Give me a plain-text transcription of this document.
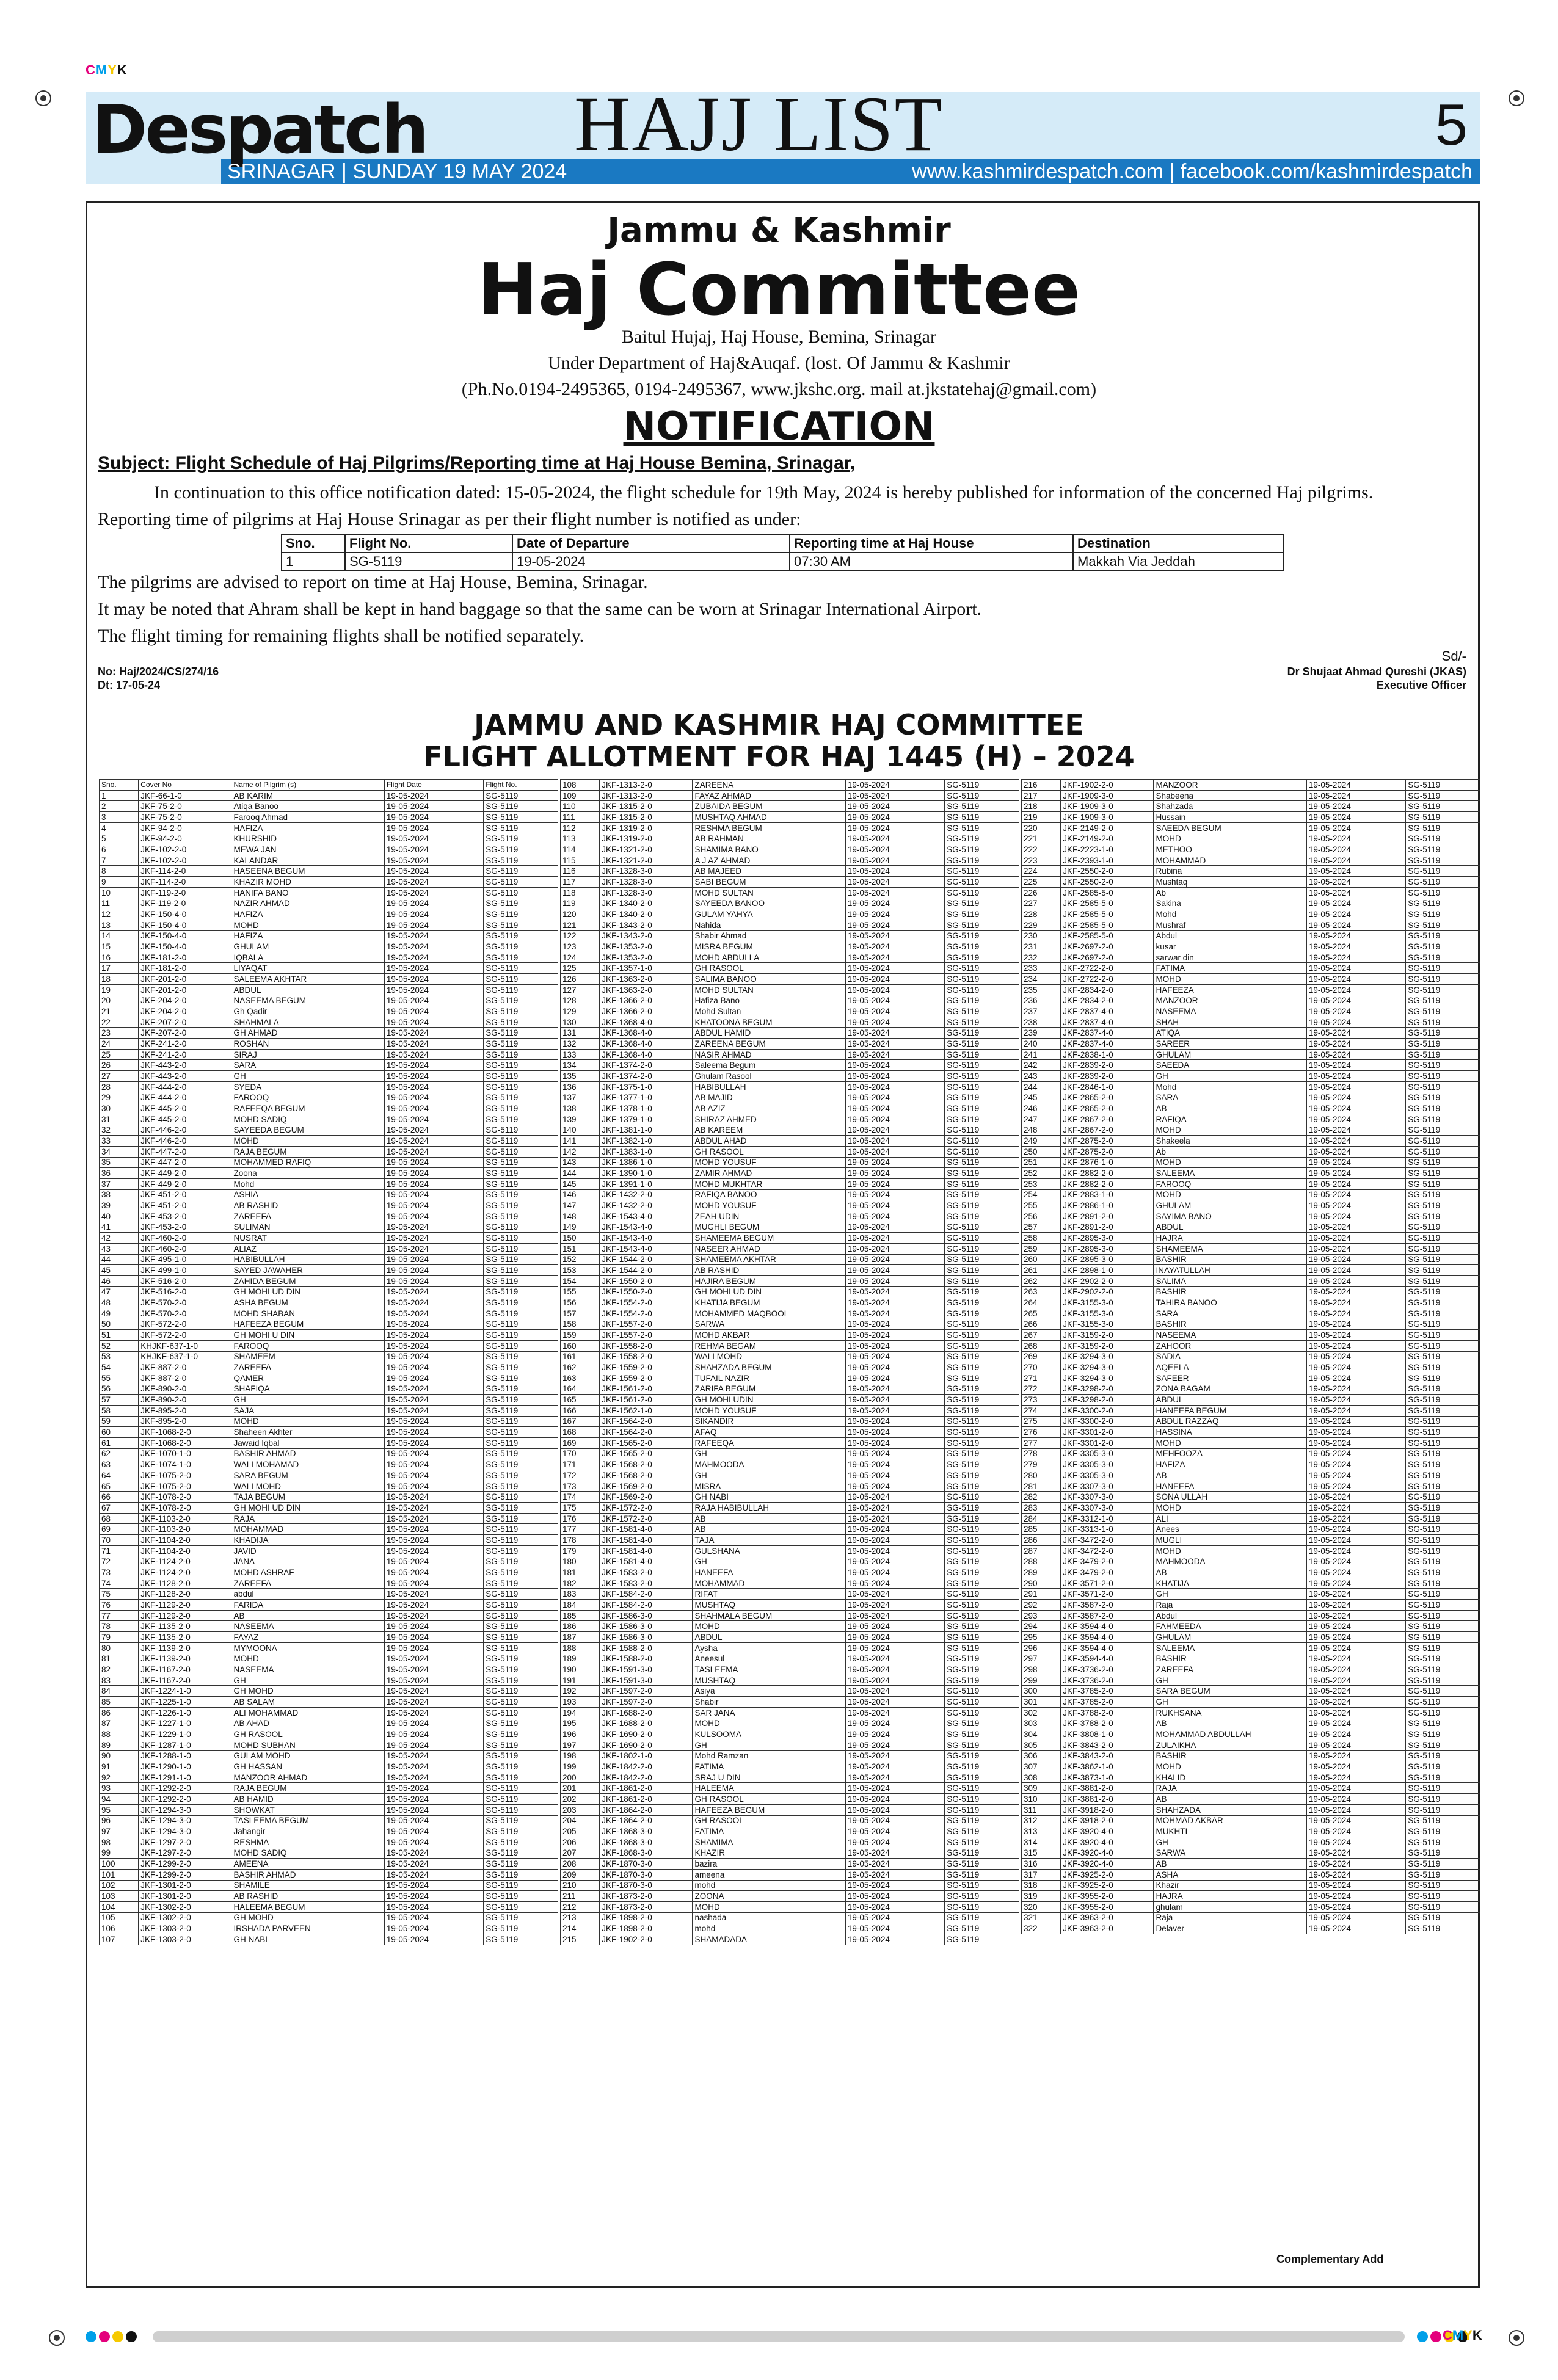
CMYK
Despatch
SRINAGAR | SUNDAY 19 MAY 2024
HAJJ LIST	5
www.kashmirdespatch.com | facebook.com/kashmirdespatch
Jammu & Kashmir
Haj Committee
Baitul Hujaj, Haj House, Bemina, Srinagar
Under Department of Haj&Auqaf. (lost. Of Jammu & Kashmir
(Ph.No.0194-2495365, 0194-2495367, www.jkshc.org. mail at.jkstatehaj@gmail.com)
NOTIFICATION
Subject: Flight Schedule of Haj Pilgrims/Reporting time at Haj House Bemina, Srinagar,
In continuation to this office notification dated: 15-05-2024, the flight schedule for 19th May, 2024 is hereby published for information of the concerned Haj pilgrims.
Reporting time of pilgrims at Haj House Srinagar as per their flight number is notified as under:
Sno.	Flight No.	Date of Departure	Reporting time at Haj House	Destination
1	SG-5119	19-05-2024	07:30 AM	Makkah Via Jeddah
The pilgrims are advised to report on time at Haj House, Bemina, Srinagar.
It may be noted that Ahram shall be kept in hand baggage so that the same can be worn at Srinagar International Airport.
The flight timing for remaining flights shall be notified separately.
Sd/-
No: Haj/2024/CS/274/16
Dt: 17-05-24
Dr Shujaat Ahmad Qureshi (JKAS)
Executive Officer
JAMMU AND KASHMIR HAJ COMMITTEE
FLIGHT ALLOTMENT FOR HAJ 1445 (H) – 2024
Sno.	Cover No	Name of Pilgrim (s)	Flight Date	Flight No.
1	JKF-66-1-0	AB KARIM	19-05-2024	SG-5119
2	JKF-75-2-0	Atiqa Banoo	19-05-2024	SG-5119
3	JKF-75-2-0	Farooq Ahmad	19-05-2024	SG-5119
4	JKF-94-2-0	HAFIZA	19-05-2024	SG-5119
5	JKF-94-2-0	KHURSHID	19-05-2024	SG-5119
6	JKF-102-2-0	MEWA JAN	19-05-2024	SG-5119
7	JKF-102-2-0	KALANDAR	19-05-2024	SG-5119
8	JKF-114-2-0	HASEENA BEGUM	19-05-2024	SG-5119
9	JKF-114-2-0	KHAZIR MOHD	19-05-2024	SG-5119
10	JKF-119-2-0	HANIFA BANO	19-05-2024	SG-5119
11	JKF-119-2-0	NAZIR AHMAD	19-05-2024	SG-5119
12	JKF-150-4-0	HAFIZA	19-05-2024	SG-5119
13	JKF-150-4-0	MOHD	19-05-2024	SG-5119
14	JKF-150-4-0	HAFIZA	19-05-2024	SG-5119
15	JKF-150-4-0	GHULAM	19-05-2024	SG-5119
16	JKF-181-2-0	IQBALA	19-05-2024	SG-5119
17	JKF-181-2-0	LIYAQAT	19-05-2024	SG-5119
18	JKF-201-2-0	SALEEMA AKHTAR	19-05-2024	SG-5119
19	JKF-201-2-0	ABDUL	19-05-2024	SG-5119
20	JKF-204-2-0	NASEEMA BEGUM	19-05-2024	SG-5119
21	JKF-204-2-0	Gh Qadir	19-05-2024	SG-5119
22	JKF-207-2-0	SHAHMALA	19-05-2024	SG-5119
23	JKF-207-2-0	GH AHMAD	19-05-2024	SG-5119
24	JKF-241-2-0	ROSHAN	19-05-2024	SG-5119
25	JKF-241-2-0	SIRAJ	19-05-2024	SG-5119
26	JKF-443-2-0	SARA	19-05-2024	SG-5119
27	JKF-443-2-0	GH	19-05-2024	SG-5119
28	JKF-444-2-0	SYEDA	19-05-2024	SG-5119
29	JKF-444-2-0	FAROOQ	19-05-2024	SG-5119
30	JKF-445-2-0	RAFEEQA BEGUM	19-05-2024	SG-5119
31	JKF-445-2-0	MOHD SADIQ	19-05-2024	SG-5119
32	JKF-446-2-0	SAYEEDA BEGUM	19-05-2024	SG-5119
33	JKF-446-2-0	MOHD	19-05-2024	SG-5119
34	JKF-447-2-0	RAJA BEGUM	19-05-2024	SG-5119
35	JKF-447-2-0	MOHAMMED RAFIQ	19-05-2024	SG-5119
36	JKF-449-2-0	Zoona	19-05-2024	SG-5119
37	JKF-449-2-0	Mohd	19-05-2024	SG-5119
38	JKF-451-2-0	ASHIA	19-05-2024	SG-5119
39	JKF-451-2-0	AB RASHID	19-05-2024	SG-5119
40	JKF-453-2-0	ZAREEFA	19-05-2024	SG-5119
41	JKF-453-2-0	SULIMAN	19-05-2024	SG-5119
42	JKF-460-2-0	NUSRAT	19-05-2024	SG-5119
43	JKF-460-2-0	ALIAZ	19-05-2024	SG-5119
44	JKF-495-1-0	HABIBULLAH	19-05-2024	SG-5119
45	JKF-499-1-0	SAYED JAWAHER	19-05-2024	SG-5119
46	JKF-516-2-0	ZAHIDA BEGUM	19-05-2024	SG-5119
47	JKF-516-2-0	GH MOHI UD DIN	19-05-2024	SG-5119
48	JKF-570-2-0	ASHA BEGUM	19-05-2024	SG-5119
49	JKF-570-2-0	MOHD SHABAN	19-05-2024	SG-5119
50	JKF-572-2-0	HAFEEZA BEGUM	19-05-2024	SG-5119
51	JKF-572-2-0	GH MOHI U DIN	19-05-2024	SG-5119
52	KHJKF-637-1-0	FAROOQ	19-05-2024	SG-5119
53	KHJKF-637-1-0	SHAMEEM	19-05-2024	SG-5119
54	JKF-887-2-0	ZAREEFA	19-05-2024	SG-5119
55	JKF-887-2-0	QAMER	19-05-2024	SG-5119
56	JKF-890-2-0	SHAFIQA	19-05-2024	SG-5119
57	JKF-890-2-0	GH	19-05-2024	SG-5119
58	JKF-895-2-0	SAJA	19-05-2024	SG-5119
59	JKF-895-2-0	MOHD	19-05-2024	SG-5119
60	JKF-1068-2-0	Shaheen Akhter	19-05-2024	SG-5119
61	JKF-1068-2-0	Jawaid Iqbal	19-05-2024	SG-5119
62	JKF-1070-1-0	BASHIR AHMAD	19-05-2024	SG-5119
63	JKF-1074-1-0	WALI MOHAMAD	19-05-2024	SG-5119
64	JKF-1075-2-0	SARA BEGUM	19-05-2024	SG-5119
65	JKF-1075-2-0	WALI MOHD	19-05-2024	SG-5119
66	JKF-1078-2-0	TAJA BEGUM	19-05-2024	SG-5119
67	JKF-1078-2-0	GH MOHI UD DIN	19-05-2024	SG-5119
68	JKF-1103-2-0	RAJA	19-05-2024	SG-5119
69	JKF-1103-2-0	MOHAMMAD	19-05-2024	SG-5119
70	JKF-1104-2-0	KHADIJA	19-05-2024	SG-5119
71	JKF-1104-2-0	JAVID	19-05-2024	SG-5119
72	JKF-1124-2-0	JANA	19-05-2024	SG-5119
73	JKF-1124-2-0	MOHD ASHRAF	19-05-2024	SG-5119
74	JKF-1128-2-0	ZAREEFA	19-05-2024	SG-5119
75	JKF-1128-2-0	abdul	19-05-2024	SG-5119
76	JKF-1129-2-0	FARIDA	19-05-2024	SG-5119
77	JKF-1129-2-0	AB	19-05-2024	SG-5119
78	JKF-1135-2-0	NASEEMA	19-05-2024	SG-5119
79	JKF-1135-2-0	FAYAZ	19-05-2024	SG-5119
80	JKF-1139-2-0	MYMOONA	19-05-2024	SG-5119
81	JKF-1139-2-0	MOHD	19-05-2024	SG-5119
82	JKF-1167-2-0	NASEEMA	19-05-2024	SG-5119
83	JKF-1167-2-0	GH	19-05-2024	SG-5119
84	JKF-1224-1-0	GH MOHD	19-05-2024	SG-5119
85	JKF-1225-1-0	AB SALAM	19-05-2024	SG-5119
86	JKF-1226-1-0	ALI MOHAMMAD	19-05-2024	SG-5119
87	JKF-1227-1-0	AB AHAD	19-05-2024	SG-5119
88	JKF-1229-1-0	GH RASOOL	19-05-2024	SG-5119
89	JKF-1287-1-0	MOHD SUBHAN	19-05-2024	SG-5119
90	JKF-1288-1-0	GULAM MOHD	19-05-2024	SG-5119
91	JKF-1290-1-0	GH HASSAN	19-05-2024	SG-5119
92	JKF-1291-1-0	MANZOOR AHMAD	19-05-2024	SG-5119
93	JKF-1292-2-0	RAJA BEGUM	19-05-2024	SG-5119
94	JKF-1292-2-0	AB HAMID	19-05-2024	SG-5119
95	JKF-1294-3-0	SHOWKAT	19-05-2024	SG-5119
96	JKF-1294-3-0	TASLEEMA BEGUM	19-05-2024	SG-5119
97	JKF-1294-3-0	Jahangir	19-05-2024	SG-5119
98	JKF-1297-2-0	RESHMA	19-05-2024	SG-5119
99	JKF-1297-2-0	MOHD SADIQ	19-05-2024	SG-5119
100	JKF-1299-2-0	AMEENA	19-05-2024	SG-5119
101	JKF-1299-2-0	BASHIR AHMAD	19-05-2024	SG-5119
102	JKF-1301-2-0	SHAMILE	19-05-2024	SG-5119
103	JKF-1301-2-0	AB RASHID	19-05-2024	SG-5119
104	JKF-1302-2-0	HALEEMA BEGUM	19-05-2024	SG-5119
105	JKF-1302-2-0	GH MOHD	19-05-2024	SG-5119
106	JKF-1303-2-0	IRSHADA PARVEEN	19-05-2024	SG-5119
107	JKF-1303-2-0	GH NABI	19-05-2024	SG-5119
108	JKF-1313-2-0	ZAREENA	19-05-2024	SG-5119
109	JKF-1313-2-0	FAYAZ AHMAD	19-05-2024	SG-5119
110	JKF-1315-2-0	ZUBAIDA BEGUM	19-05-2024	SG-5119
111	JKF-1315-2-0	MUSHTAQ AHMAD	19-05-2024	SG-5119
112	JKF-1319-2-0	RESHMA BEGUM	19-05-2024	SG-5119
113	JKF-1319-2-0	AB RAHMAN	19-05-2024	SG-5119
114	JKF-1321-2-0	SHAMIMA BANO	19-05-2024	SG-5119
115	JKF-1321-2-0	A J AZ AHMAD	19-05-2024	SG-5119
116	JKF-1328-3-0	AB MAJEED	19-05-2024	SG-5119
117	JKF-1328-3-0	SABI BEGUM	19-05-2024	SG-5119
118	JKF-1328-3-0	MOHD SULTAN	19-05-2024	SG-5119
119	JKF-1340-2-0	SAYEEDA BANOO	19-05-2024	SG-5119
120	JKF-1340-2-0	GULAM YAHYA	19-05-2024	SG-5119
121	JKF-1343-2-0	Nahida	19-05-2024	SG-5119
122	JKF-1343-2-0	Shabir Ahmad	19-05-2024	SG-5119
123	JKF-1353-2-0	MISRA BEGUM	19-05-2024	SG-5119
124	JKF-1353-2-0	MOHD ABDULLA	19-05-2024	SG-5119
125	JKF-1357-1-0	GH RASOOL	19-05-2024	SG-5119
126	JKF-1363-2-0	SALIMA BANOO	19-05-2024	SG-5119
127	JKF-1363-2-0	MOHD SULTAN	19-05-2024	SG-5119
128	JKF-1366-2-0	Hafiza Bano	19-05-2024	SG-5119
129	JKF-1366-2-0	Mohd Sultan	19-05-2024	SG-5119
130	JKF-1368-4-0	KHATOONA BEGUM	19-05-2024	SG-5119
131	JKF-1368-4-0	ABDUL HAMID	19-05-2024	SG-5119
132	JKF-1368-4-0	ZAREENA BEGUM	19-05-2024	SG-5119
133	JKF-1368-4-0	NASIR AHMAD	19-05-2024	SG-5119
134	JKF-1374-2-0	Saleema Begum	19-05-2024	SG-5119
135	JKF-1374-2-0	Ghulam Rasool	19-05-2024	SG-5119
136	JKF-1375-1-0	HABIBULLAH	19-05-2024	SG-5119
137	JKF-1377-1-0	AB MAJID	19-05-2024	SG-5119
138	JKF-1378-1-0	AB AZIZ	19-05-2024	SG-5119
139	JKF-1379-1-0	SHIRAZ AHMED	19-05-2024	SG-5119
140	JKF-1381-1-0	AB KAREEM	19-05-2024	SG-5119
141	JKF-1382-1-0	ABDUL AHAD	19-05-2024	SG-5119
142	JKF-1383-1-0	GH RASOOL	19-05-2024	SG-5119
143	JKF-1386-1-0	MOHD YOUSUF	19-05-2024	SG-5119
144	JKF-1390-1-0	ZAMIR AHMAD	19-05-2024	SG-5119
145	JKF-1391-1-0	MOHD MUKHTAR	19-05-2024	SG-5119
146	JKF-1432-2-0	RAFIQA BANOO	19-05-2024	SG-5119
147	JKF-1432-2-0	MOHD YOUSUF	19-05-2024	SG-5119
148	JKF-1543-4-0	ZEAH UDIN	19-05-2024	SG-5119
149	JKF-1543-4-0	MUGHLI BEGUM	19-05-2024	SG-5119
150	JKF-1543-4-0	SHAMEEMA BEGUM	19-05-2024	SG-5119
151	JKF-1543-4-0	NASEER AHMAD	19-05-2024	SG-5119
152	JKF-1544-2-0	SHAMEEMA AKHTAR	19-05-2024	SG-5119
153	JKF-1544-2-0	AB RASHID	19-05-2024	SG-5119
154	JKF-1550-2-0	HAJIRA BEGUM	19-05-2024	SG-5119
155	JKF-1550-2-0	GH MOHI UD DIN	19-05-2024	SG-5119
156	JKF-1554-2-0	KHATIJA BEGUM	19-05-2024	SG-5119
157	JKF-1554-2-0	MOHAMMED MAQBOOL	19-05-2024	SG-5119
158	JKF-1557-2-0	SARWA	19-05-2024	SG-5119
159	JKF-1557-2-0	MOHD AKBAR	19-05-2024	SG-5119
160	JKF-1558-2-0	REHMA BEGAM	19-05-2024	SG-5119
161	JKF-1558-2-0	WALI MOHD	19-05-2024	SG-5119
162	JKF-1559-2-0	SHAHZADA BEGUM	19-05-2024	SG-5119
163	JKF-1559-2-0	TUFAIL NAZIR	19-05-2024	SG-5119
164	JKF-1561-2-0	ZARIFA BEGUM	19-05-2024	SG-5119
165	JKF-1561-2-0	GH MOHI UDIN	19-05-2024	SG-5119
166	JKF-1562-1-0	MOHD YOUSUF	19-05-2024	SG-5119
167	JKF-1564-2-0	SIKANDIR	19-05-2024	SG-5119
168	JKF-1564-2-0	AFAQ	19-05-2024	SG-5119
169	JKF-1565-2-0	RAFEEQA	19-05-2024	SG-5119
170	JKF-1565-2-0	GH	19-05-2024	SG-5119
171	JKF-1568-2-0	MAHMOODA	19-05-2024	SG-5119
172	JKF-1568-2-0	GH	19-05-2024	SG-5119
173	JKF-1569-2-0	MISRA	19-05-2024	SG-5119
174	JKF-1569-2-0	GH NABI	19-05-2024	SG-5119
175	JKF-1572-2-0	RAJA HABIBULLAH	19-05-2024	SG-5119
176	JKF-1572-2-0	AB	19-05-2024	SG-5119
177	JKF-1581-4-0	AB	19-05-2024	SG-5119
178	JKF-1581-4-0	TAJA	19-05-2024	SG-5119
179	JKF-1581-4-0	GULSHANA	19-05-2024	SG-5119
180	JKF-1581-4-0	GH	19-05-2024	SG-5119
181	JKF-1583-2-0	HANEEFA	19-05-2024	SG-5119
182	JKF-1583-2-0	MOHAMMAD	19-05-2024	SG-5119
183	JKF-1584-2-0	RIFAT	19-05-2024	SG-5119
184	JKF-1584-2-0	MUSHTAQ	19-05-2024	SG-5119
185	JKF-1586-3-0	SHAHMALA BEGUM	19-05-2024	SG-5119
186	JKF-1586-3-0	MOHD	19-05-2024	SG-5119
187	JKF-1586-3-0	ABDUL	19-05-2024	SG-5119
188	JKF-1588-2-0	Aysha	19-05-2024	SG-5119
189	JKF-1588-2-0	Aneesul	19-05-2024	SG-5119
190	JKF-1591-3-0	TASLEEMA	19-05-2024	SG-5119
191	JKF-1591-3-0	MUSHTAQ	19-05-2024	SG-5119
192	JKF-1597-2-0	Asiya	19-05-2024	SG-5119
193	JKF-1597-2-0	Shabir	19-05-2024	SG-5119
194	JKF-1688-2-0	SAR JANA	19-05-2024	SG-5119
195	JKF-1688-2-0	MOHD	19-05-2024	SG-5119
196	JKF-1690-2-0	KULSOOMA	19-05-2024	SG-5119
197	JKF-1690-2-0	GH	19-05-2024	SG-5119
198	JKF-1802-1-0	Mohd Ramzan	19-05-2024	SG-5119
199	JKF-1842-2-0	FATIMA	19-05-2024	SG-5119
200	JKF-1842-2-0	SRAJ U DIN	19-05-2024	SG-5119
201	JKF-1861-2-0	HALEEMA	19-05-2024	SG-5119
202	JKF-1861-2-0	GH RASOOL	19-05-2024	SG-5119
203	JKF-1864-2-0	HAFEEZA BEGUM	19-05-2024	SG-5119
204	JKF-1864-2-0	GH RASOOL	19-05-2024	SG-5119
205	JKF-1868-3-0	FATIMA	19-05-2024	SG-5119
206	JKF-1868-3-0	SHAMIMA	19-05-2024	SG-5119
207	JKF-1868-3-0	KHAZIR	19-05-2024	SG-5119
208	JKF-1870-3-0	bazira	19-05-2024	SG-5119
209	JKF-1870-3-0	ameena	19-05-2024	SG-5119
210	JKF-1870-3-0	mohd	19-05-2024	SG-5119
211	JKF-1873-2-0	ZOONA	19-05-2024	SG-5119
212	JKF-1873-2-0	MOHD	19-05-2024	SG-5119
213	JKF-1898-2-0	nashada	19-05-2024	SG-5119
214	JKF-1898-2-0	mohd	19-05-2024	SG-5119
215	JKF-1902-2-0	SHAMADADA	19-05-2024	SG-5119
216	JKF-1902-2-0	MANZOOR	19-05-2024	SG-5119
217	JKF-1909-3-0	Shabeena	19-05-2024	SG-5119
218	JKF-1909-3-0	Shahzada	19-05-2024	SG-5119
219	JKF-1909-3-0	Hussain	19-05-2024	SG-5119
220	JKF-2149-2-0	SAEEDA BEGUM	19-05-2024	SG-5119
221	JKF-2149-2-0	MOHD	19-05-2024	SG-5119
222	JKF-2223-1-0	METHOO	19-05-2024	SG-5119
223	JKF-2393-1-0	MOHAMMAD	19-05-2024	SG-5119
224	JKF-2550-2-0	Rubina	19-05-2024	SG-5119
225	JKF-2550-2-0	Mushtaq	19-05-2024	SG-5119
226	JKF-2585-5-0	Ab	19-05-2024	SG-5119
227	JKF-2585-5-0	Sakina	19-05-2024	SG-5119
228	JKF-2585-5-0	Mohd	19-05-2024	SG-5119
229	JKF-2585-5-0	Mushraf	19-05-2024	SG-5119
230	JKF-2585-5-0	Abdul	19-05-2024	SG-5119
231	JKF-2697-2-0	kusar	19-05-2024	SG-5119
232	JKF-2697-2-0	sarwar din	19-05-2024	SG-5119
233	JKF-2722-2-0	FATIMA	19-05-2024	SG-5119
234	JKF-2722-2-0	MOHD	19-05-2024	SG-5119
235	JKF-2834-2-0	HAFEEZA	19-05-2024	SG-5119
236	JKF-2834-2-0	MANZOOR	19-05-2024	SG-5119
237	JKF-2837-4-0	NASEEMA	19-05-2024	SG-5119
238	JKF-2837-4-0	SHAH	19-05-2024	SG-5119
239	JKF-2837-4-0	ATIQA	19-05-2024	SG-5119
240	JKF-2837-4-0	SAREER	19-05-2024	SG-5119
241	JKF-2838-1-0	GHULAM	19-05-2024	SG-5119
242	JKF-2839-2-0	SAEEDA	19-05-2024	SG-5119
243	JKF-2839-2-0	GH	19-05-2024	SG-5119
244	JKF-2846-1-0	Mohd	19-05-2024	SG-5119
245	JKF-2865-2-0	SARA	19-05-2024	SG-5119
246	JKF-2865-2-0	AB	19-05-2024	SG-5119
247	JKF-2867-2-0	RAFIQA	19-05-2024	SG-5119
248	JKF-2867-2-0	MOHD	19-05-2024	SG-5119
249	JKF-2875-2-0	Shakeela	19-05-2024	SG-5119
250	JKF-2875-2-0	Ab	19-05-2024	SG-5119
251	JKF-2876-1-0	MOHD	19-05-2024	SG-5119
252	JKF-2882-2-0	SALEEMA	19-05-2024	SG-5119
253	JKF-2882-2-0	FAROOQ	19-05-2024	SG-5119
254	JKF-2883-1-0	MOHD	19-05-2024	SG-5119
255	JKF-2886-1-0	GHULAM	19-05-2024	SG-5119
256	JKF-2891-2-0	SAYIMA BANO	19-05-2024	SG-5119
257	JKF-2891-2-0	ABDUL	19-05-2024	SG-5119
258	JKF-2895-3-0	HAJRA	19-05-2024	SG-5119
259	JKF-2895-3-0	SHAMEEMA	19-05-2024	SG-5119
260	JKF-2895-3-0	BASHIR	19-05-2024	SG-5119
261	JKF-2898-1-0	INAYATULLAH	19-05-2024	SG-5119
262	JKF-2902-2-0	SALIMA	19-05-2024	SG-5119
263	JKF-2902-2-0	BASHIR	19-05-2024	SG-5119
264	JKF-3155-3-0	TAHIRA BANOO	19-05-2024	SG-5119
265	JKF-3155-3-0	SARA	19-05-2024	SG-5119
266	JKF-3155-3-0	BASHIR	19-05-2024	SG-5119
267	JKF-3159-2-0	NASEEMA	19-05-2024	SG-5119
268	JKF-3159-2-0	ZAHOOR	19-05-2024	SG-5119
269	JKF-3294-3-0	SADIA	19-05-2024	SG-5119
270	JKF-3294-3-0	AQEELA	19-05-2024	SG-5119
271	JKF-3294-3-0	SAFEER	19-05-2024	SG-5119
272	JKF-3298-2-0	ZONA BAGAM	19-05-2024	SG-5119
273	JKF-3298-2-0	ABDUL	19-05-2024	SG-5119
274	JKF-3300-2-0	HANEEFA BEGUM	19-05-2024	SG-5119
275	JKF-3300-2-0	ABDUL RAZZAQ	19-05-2024	SG-5119
276	JKF-3301-2-0	HASSINA	19-05-2024	SG-5119
277	JKF-3301-2-0	MOHD	19-05-2024	SG-5119
278	JKF-3305-3-0	MEHFOOZA	19-05-2024	SG-5119
279	JKF-3305-3-0	HAFIZA	19-05-2024	SG-5119
280	JKF-3305-3-0	AB	19-05-2024	SG-5119
281	JKF-3307-3-0	HANEEFA	19-05-2024	SG-5119
282	JKF-3307-3-0	SONA ULLAH	19-05-2024	SG-5119
283	JKF-3307-3-0	MOHD	19-05-2024	SG-5119
284	JKF-3312-1-0	ALI	19-05-2024	SG-5119
285	JKF-3313-1-0	Anees	19-05-2024	SG-5119
286	JKF-3472-2-0	MUGLI	19-05-2024	SG-5119
287	JKF-3472-2-0	MOHD	19-05-2024	SG-5119
288	JKF-3479-2-0	MAHMOODA	19-05-2024	SG-5119
289	JKF-3479-2-0	AB	19-05-2024	SG-5119
290	JKF-3571-2-0	KHATIJA	19-05-2024	SG-5119
291	JKF-3571-2-0	GH	19-05-2024	SG-5119
292	JKF-3587-2-0	Raja	19-05-2024	SG-5119
293	JKF-3587-2-0	Abdul	19-05-2024	SG-5119
294	JKF-3594-4-0	FAHMEEDA	19-05-2024	SG-5119
295	JKF-3594-4-0	GHULAM	19-05-2024	SG-5119
296	JKF-3594-4-0	SALEEMA	19-05-2024	SG-5119
297	JKF-3594-4-0	BASHIR	19-05-2024	SG-5119
298	JKF-3736-2-0	ZAREEFA	19-05-2024	SG-5119
299	JKF-3736-2-0	GH	19-05-2024	SG-5119
300	JKF-3785-2-0	SARA BEGUM	19-05-2024	SG-5119
301	JKF-3785-2-0	GH	19-05-2024	SG-5119
302	JKF-3788-2-0	RUKHSANA	19-05-2024	SG-5119
303	JKF-3788-2-0	AB	19-05-2024	SG-5119
304	JKF-3808-1-0	MOHAMMAD ABDULLAH	19-05-2024	SG-5119
305	JKF-3843-2-0	ZULAIKHA	19-05-2024	SG-5119
306	JKF-3843-2-0	BASHIR	19-05-2024	SG-5119
307	JKF-3862-1-0	MOHD	19-05-2024	SG-5119
308	JKF-3873-1-0	KHALID	19-05-2024	SG-5119
309	JKF-3881-2-0	RAJA	19-05-2024	SG-5119
310	JKF-3881-2-0	AB	19-05-2024	SG-5119
311	JKF-3918-2-0	SHAHZADA	19-05-2024	SG-5119
312	JKF-3918-2-0	MOHMAD AKBAR	19-05-2024	SG-5119
313	JKF-3920-4-0	MUKHTI	19-05-2024	SG-5119
314	JKF-3920-4-0	GH	19-05-2024	SG-5119
315	JKF-3920-4-0	SARWA	19-05-2024	SG-5119
316	JKF-3920-4-0	AB	19-05-2024	SG-5119
317	JKF-3925-2-0	ASHA	19-05-2024	SG-5119
318	JKF-3925-2-0	Khazir	19-05-2024	SG-5119
319	JKF-3955-2-0	HAJRA	19-05-2024	SG-5119
320	JKF-3955-2-0	ghulam	19-05-2024	SG-5119
321	JKF-3963-2-0	Raja	19-05-2024	SG-5119
322	JKF-3963-2-0	Delaver	19-05-2024	SG-5119
Complementary Add
CMYK
